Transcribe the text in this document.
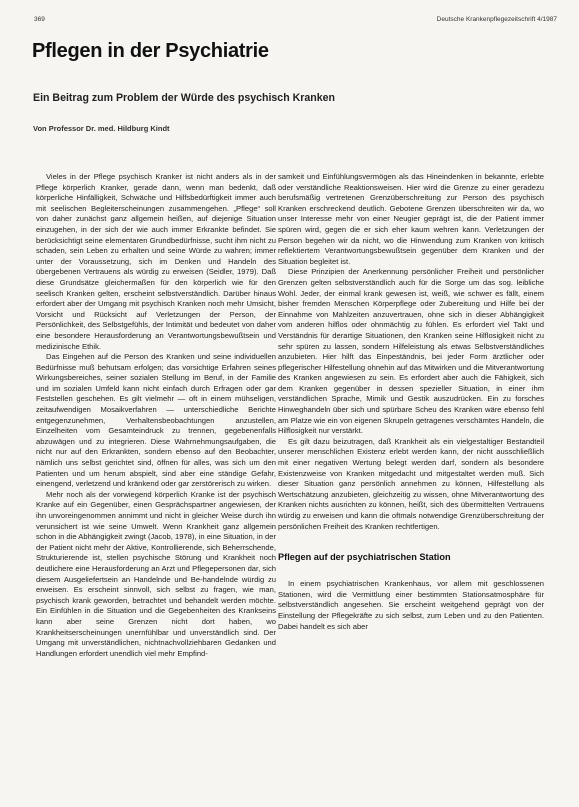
369	Deutsche Krankenpflegezeitschrift 4/1987
Pflegen in der Psychiatrie
Ein Beitrag zum Problem der Würde des psychisch Kranken
Von Professor Dr. med. Hildburg Kindt

Vieles in der Pflege psychisch Kranker ist nicht anders als in der Pflege körperlich Kranker, gerade dann, wenn man bedenkt, daß körperliche Hinfälligkeit, Schwäche und Hilfsbedürftigkeit immer auch mit seelischen Begleiterscheinungen zusammengehen. „Pflege“ soll von daher zunächst ganz allgemein heißen, auf diejenige Situation einzugehen, in der sich der wie auch immer Erkrankte befindet. Sie berücksichtigt seine elementaren Grundbedürfnisse, sucht ihm nicht zu schaden, sein Leben zu erhalten und seine Würde zu wahren; immer unter der Voraussetzung, sich im Denken und Handeln des übergebenen Vertrauens als würdig zu erweisen (Seidler, 1979). Daß diese Grundsätze gleichermaßen für den körperlich wie für den seelisch Kranken gelten, erscheint selbstverständlich. Darüber hinaus erfordert aber der Umgang mit psychisch Kranken noch mehr Umsicht, Vorsicht und Rücksicht auf Verletzungen der Person, der Persönlichkeit, des Selbstgefühls, der Intimität und bedeutet von daher eine besondere Herausforderung an Verantwortungsbewußtsein und medizinische Ethik.

Das Eingehen auf die Person des Kranken und seine individuellen Bedürfnisse muß behutsam erfolgen; das vorsichtige Erfahren seines Wirkungsbereiches, seiner sozialen Stellung im Beruf, in der Familie und im sozialen Umfeld kann nicht einfach durch Erfragen oder gar Feststellen geschehen. Es gilt vielmehr — oft in einem mühseligen, zeitaufwendigen Mosaikverfahren — unterschiedliche Berichte entgegenzunehmen, Verhaltensbeobachtungen anzustellen, Einzelheiten vom Gesamteindruck zu trennen, gegebenenfalls abzuwägen und zu integrieren. Diese Wahrnehmungsaufgaben, die nicht nur auf den Erkrankten, sondern ebenso auf den Beobachter, nämlich uns selbst gerichtet sind, öffnen für alles, was sich um den Patienten und um herum abspielt, sind aber eine ständige Gefahr, einengend, verletzend und kränkend oder gar zerstörerisch zu wirken.

Mehr noch als der vorwiegend körperlich Kranke ist der psychisch Kranke auf ein Gegenüber, einen Gesprächspartner angewiesen, der ihn unvoreingenommen annimmt und nicht in gleicher Weise durch ihn verunsichert ist wie seine Umwelt. Wenn Krankheit ganz allgemein schon in die Abhängigkeit zwingt (Jacob, 1978), in eine Situation, in der der Patient nicht mehr der Aktive, Kontrollierende, sich Beherrschende, Strukturierende ist, stellen psychische Störung und Krankheit noch deutlichere eine Herausforderung an Arzt und Pflegepersonen dar, sich diesem Ausgeliefertsein an Handelnde und Be-handelnde würdig zu erweisen. Es erscheint sinnvoll, sich selbst zu fragen, wie man, psychisch krank geworden, betrachtet und behandelt werden möchte. Ein Einfühlen in die Situation und die Gegebenheiten des Krankseins kann aber seine Grenzen nicht dort haben, wo Krankheitserscheinungen unernfühlbar und unverständlich sind. Der Umgang mit unverständlichen, nichtnachvollziehbaren Gedanken und Handlungen erfordert unendlich viel mehr Empfind-

samkeit und Einfühlungsvermögen als das Hineindenken in bekannte, erlebte oder verständliche Reaktionsweisen. Hier wird die Grenze zu einer geradezu berufsmäßig vertretenen Grenzüberschreitung zur Person des psychisch Kranken erschreckend deutlich. Gebotene Grenzen überschreiten wir da, wo unser Interesse mehr von einer Neugier geprägt ist, die der Patient immer spüren wird, gegen die er sich eher kaum wehren kann. Verletzungen der Person begehen wir da nicht, wo die Hinwendung zum Kranken von kritisch reflektiertem Verantwortungsbewußtsein gegenüber dem Kranken und der Situation begleitet ist.

Diese Prinzipien der Anerkennung persönlicher Freiheit und persönlicher Grenzen gelten selbstverständlich auch für die Sorge um das sog. leibliche Wohl. Jeder, der einmal krank gewesen ist, weiß, wie schwer es fällt, einem bisher fremden Menschen Körperpflege oder Zubereitung und Hilfe bei der Einnahme von Mahlzeiten anzuvertrauen, ohne sich in dieser Abhängigkeit vom anderen hilflos oder ohnmächtig zu fühlen. Es erfordert viel Takt und Verständnis für derartige Situationen, den Kranken seine Hilflosigkeit nicht zu sehr spüren zu lassen, sondern Hilfeleistung als etwas Selbstverständliches anzubieten. Hier hilft das Einpeständnis, bei jeder Form ärztlicher oder pflegerischer Hilfestellung ohnehin auf das Mitwirken und die Mitverantwortung des Kranken angewiesen zu sein. Es erfordert aber auch die Fähigkeit, sich dem Kranken gegenüber in dessen spezieller Situation, in einer ihm verständlichen Sprache, Mimik und Gestik auszudrücken. Ein zu forsches Hinweghandeln über sich und spürbare Scheu des Kranken wäre ebenso fehl am Platze wie ein von eigenen Skrupeln getragenes verschämtes Handeln, die Hilflosigkeit nur verstärkt.

Es gilt dazu beizutragen, daß Krankheit als ein vielgestaltiger Bestandteil unserer menschlichen Existenz erlebt werden kann, der nicht ausschließlich mit einer negativen Wertung belegt werden darf, sondern als besondere Existenzweise von Kranken mitgedacht und mitgestaltet werden muß. Sich dieser Situation ganz persönlich annehmen zu können, Hilfestellung als Wertschätzung anzubieten, gleichzeitig zu wissen, ohne Mitverantwortung des Kranken nichts ausrichten zu können, heißt, sich des übermittelten Vertrauens würdig zu erweisen und kann die oftmals notwendige Grenzüberschreitung der persönlichen Freiheit des Kranken rechtfertigen.

Pflegen auf der psychiatrischen Station

In einem psychiatrischen Krankenhaus, vor allem mit geschlossenen Stationen, wird die Vermittlung einer bestimmten Stationsatmosphäre für selbstverständlich angesehen. Sie erscheint weitgehend geprägt von der Einstellung der Pflegekräfte zu sich selbst, zum Leben und zu den Patienten. Dabei handelt es sich aber
